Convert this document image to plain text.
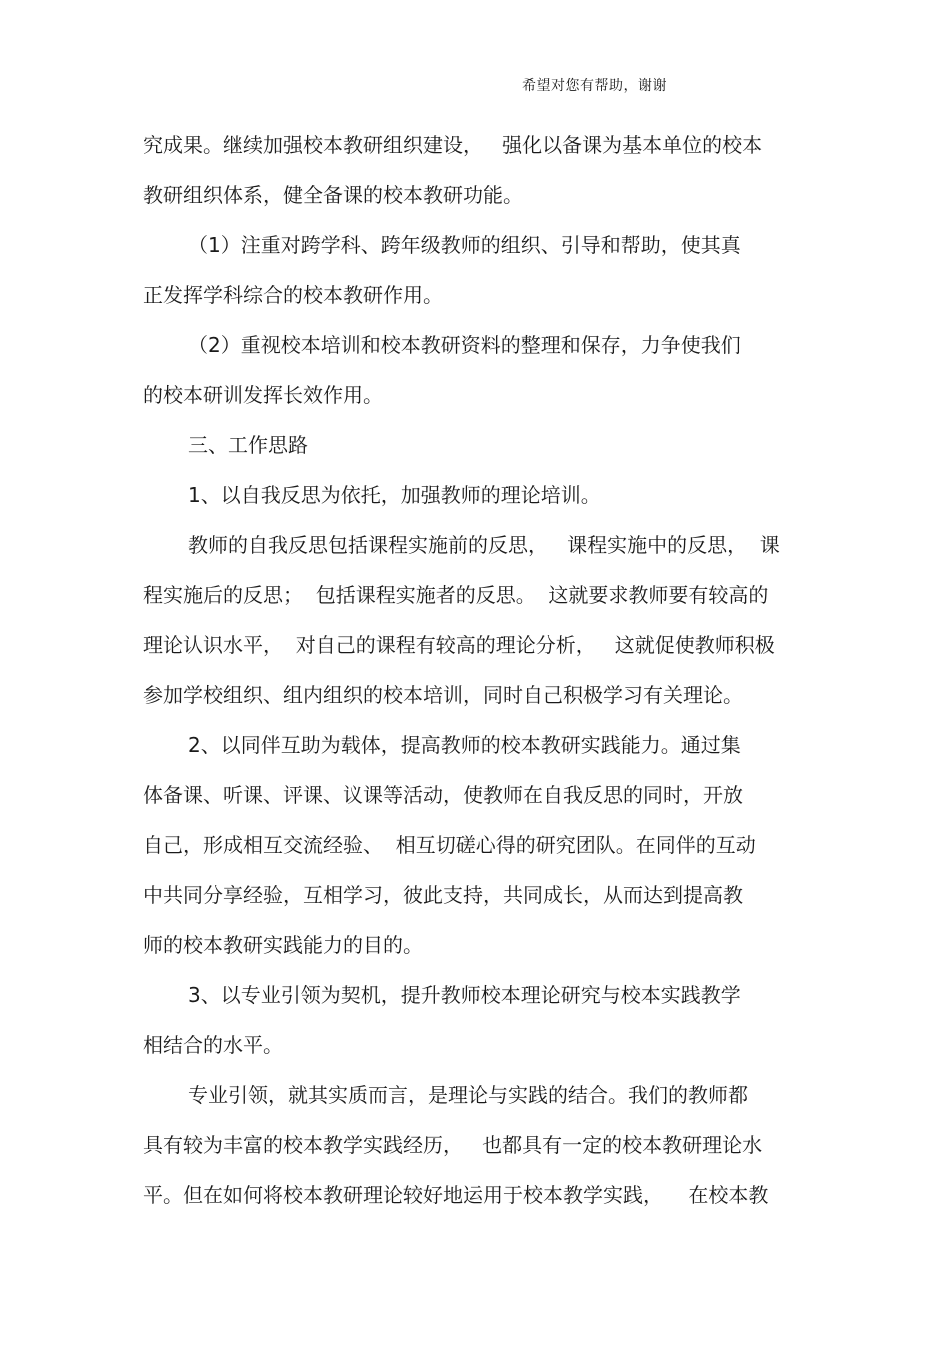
希望对您有帮助，谢谢
究成果。继续加强校本教研组织建设，   强化以备课为基本单位的校本
教研组织体系，健全备课的校本教研功能。
（1）注重对跨学科、跨年级教师的组织、引导和帮助，使其真
正发挥学科综合的校本教研作用。
（2）重视校本培训和校本教研资料的整理和保存，力争使我们
的校本研训发挥长效作用。
三、工作思路
1、以自我反思为依托，加强教师的理论培训。
教师的自我反思包括课程实施前的反思，   课程实施中的反思，  课
程实施后的反思；  包括课程实施者的反思。  这就要求教师要有较高的
理论认识水平，  对自己的课程有较高的理论分析，   这就促使教师积极
参加学校组织、组内组织的校本培训，同时自己积极学习有关理论。
2、以同伴互助为载体，提高教师的校本教研实践能力。通过集
体备课、听课、评课、议课等活动，使教师在自我反思的同时，开放
自己，形成相互交流经验、  相互切磋心得的研究团队。在同伴的互动
中共同分享经验，互相学习，彼此支持，共同成长，从而达到提高教
师的校本教研实践能力的目的。
3、以专业引领为契机，提升教师校本理论研究与校本实践教学
相结合的水平。
专业引领，就其实质而言，是理论与实践的结合。我们的教师都
具有较为丰富的校本教学实践经历，   也都具有一定的校本教研理论水
平。但在如何将校本教研理论较好地运用于校本教学实践，    在校本教
